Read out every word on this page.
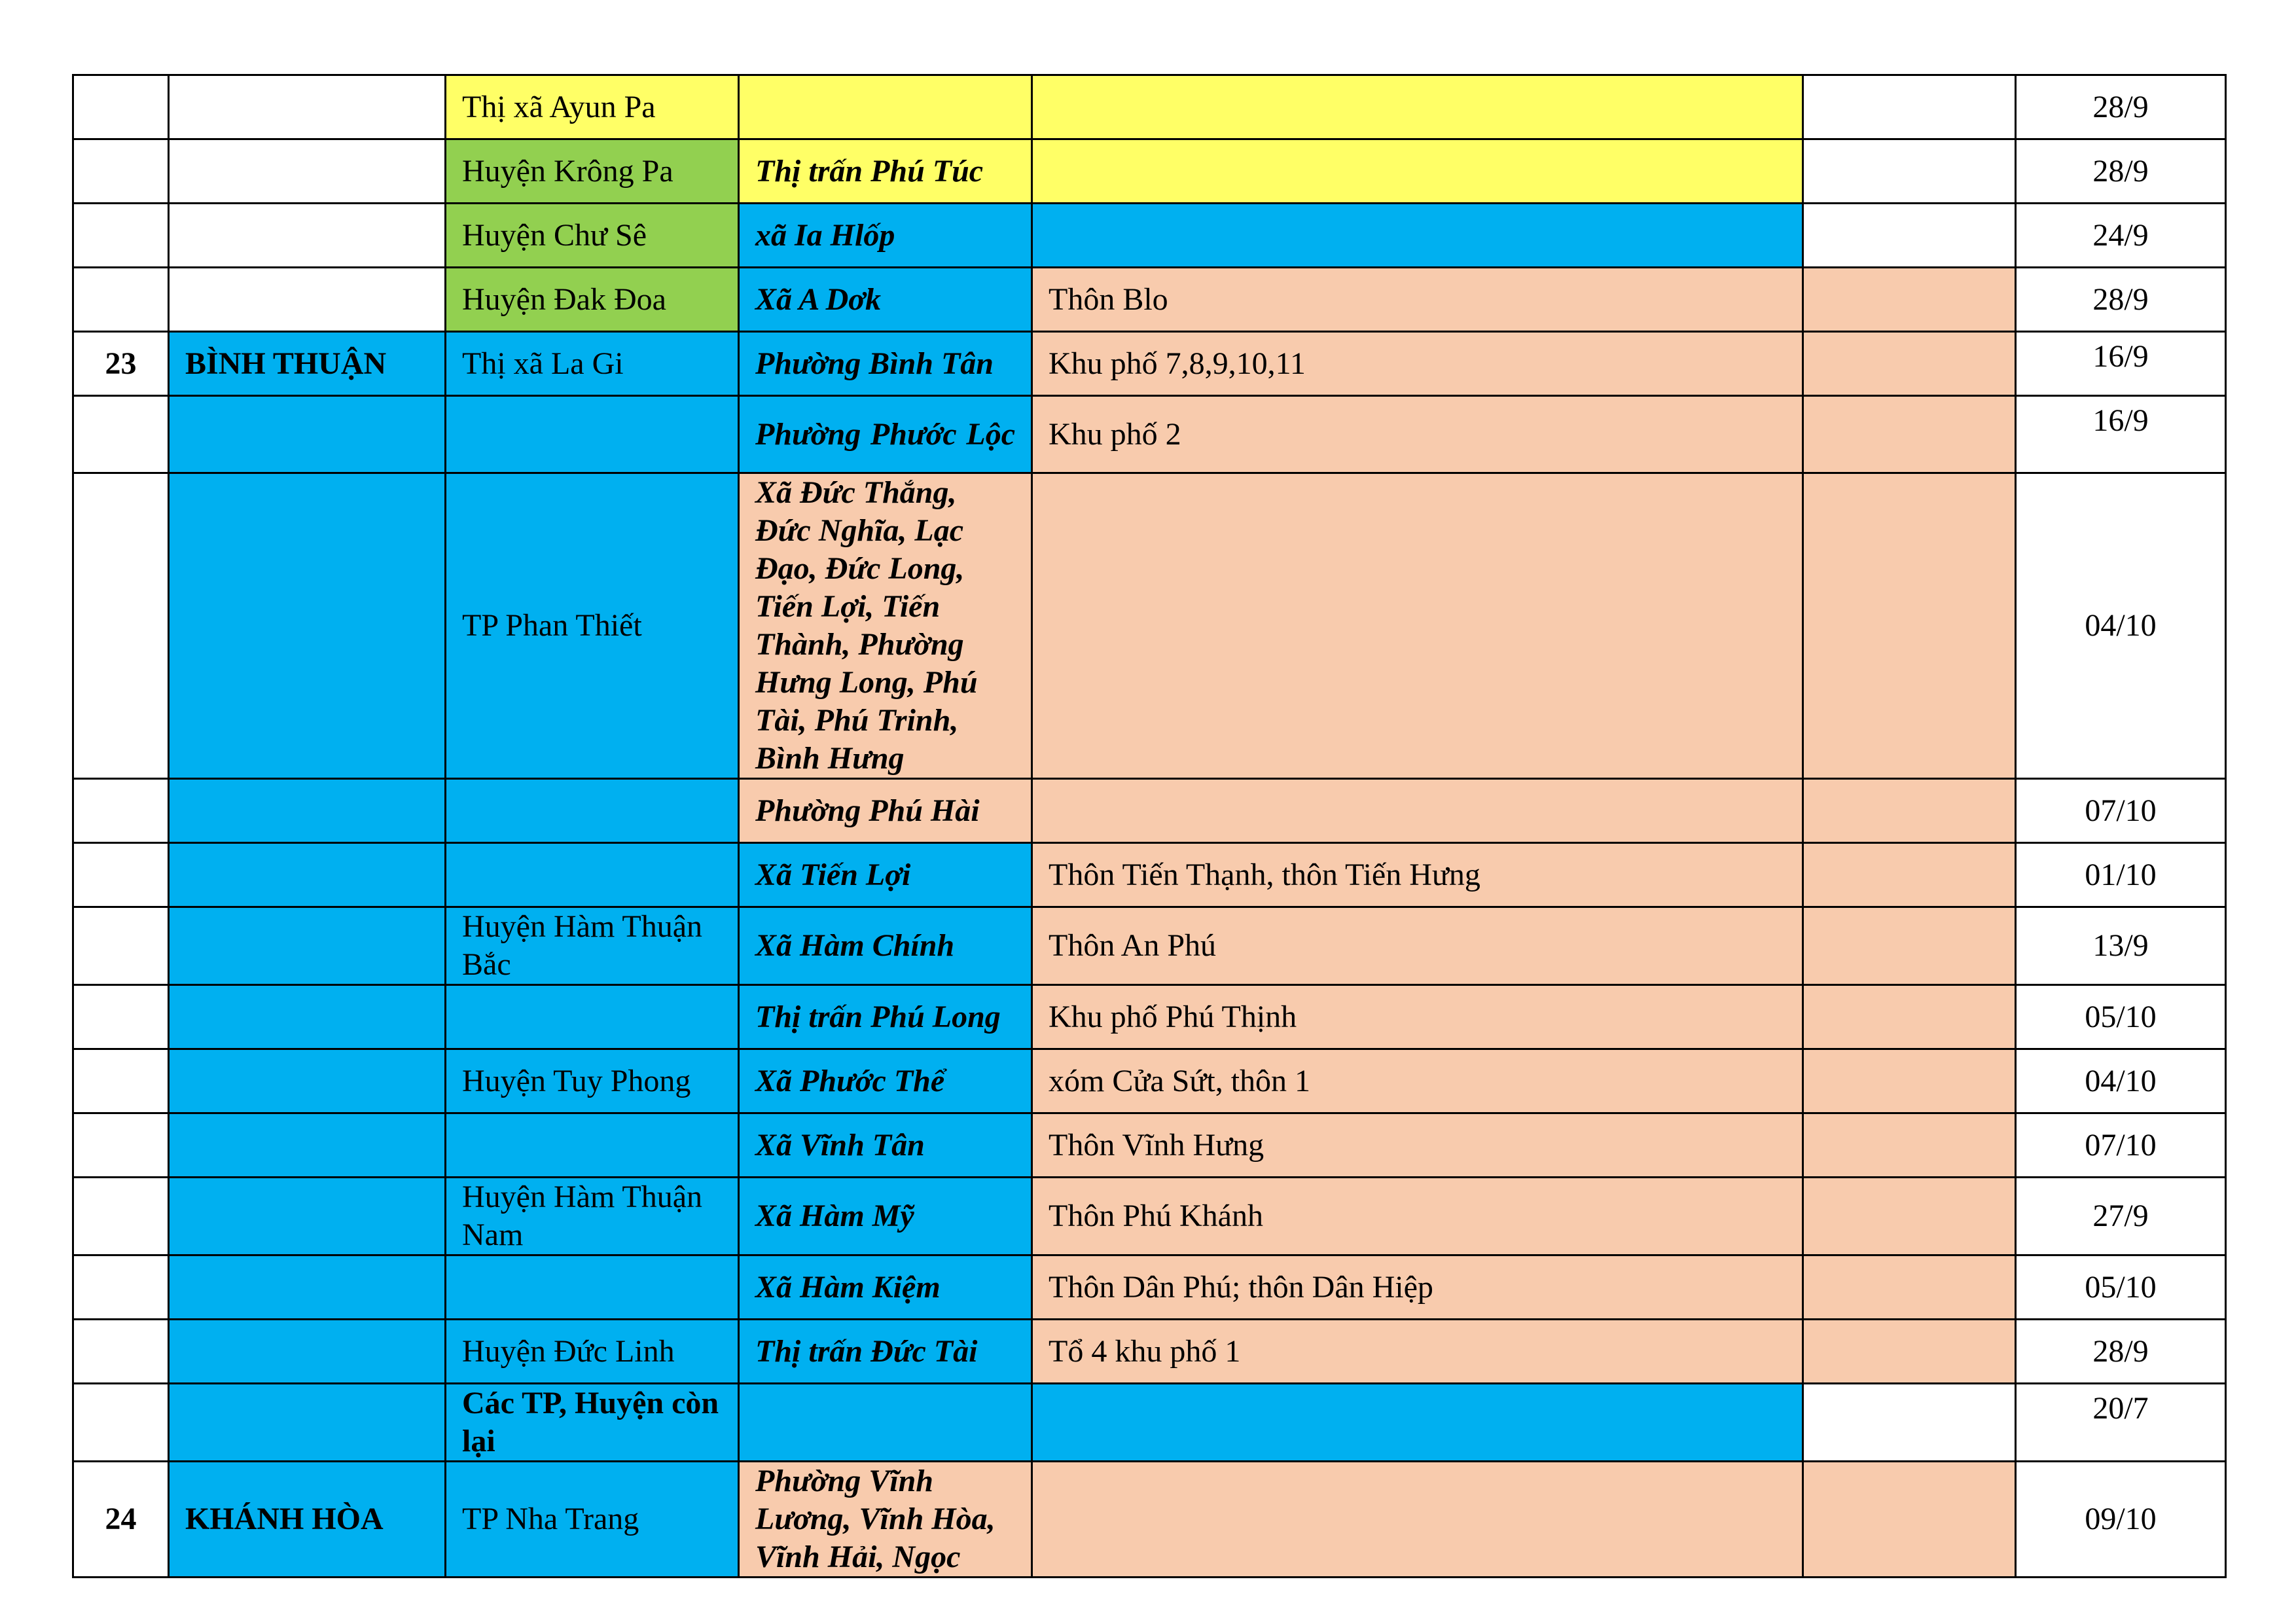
		Thị xã Ayun Pa				28/9
		Huyện Krông Pa	Thị trấn Phú Túc			28/9
		Huyện Chư Sê	xã Ia Hlốp			24/9
		Huyện Đak Đoa	Xã A Dơk	Thôn Blo		28/9
23	BÌNH THUẬN	Thị xã La Gi	Phường Bình Tân	Khu phố 7,8,9,10,11		16/9
			Phường Phước Lộc	Khu phố 2		16/9
		TP Phan Thiết	Xã Đức Thắng, Đức Nghĩa, Lạc Đạo, Đức Long, Tiến Lợi, Tiến Thành, Phường Hưng Long, Phú Tài, Phú Trinh, Bình Hưng			04/10
			Phường Phú Hài			07/10
			Xã Tiến Lợi	Thôn Tiến Thạnh, thôn Tiến Hưng		01/10
		Huyện Hàm Thuận Bắc	Xã Hàm Chính	Thôn An Phú		13/9
			Thị trấn Phú Long	Khu phố Phú Thịnh		05/10
		Huyện Tuy Phong	Xã Phước Thể	xóm Cửa Sứt, thôn 1		04/10
			Xã Vĩnh Tân	Thôn Vĩnh Hưng		07/10
		Huyện Hàm Thuận Nam	Xã Hàm Mỹ	Thôn Phú Khánh		27/9
			Xã Hàm Kiệm	Thôn Dân Phú; thôn Dân Hiệp		05/10
		Huyện Đức Linh	Thị trấn Đức Tài	Tổ 4 khu phố 1		28/9
		Các TP, Huyện còn lại				20/7
24	KHÁNH HÒA	TP Nha Trang	Phường Vĩnh Lương, Vĩnh Hòa, Vĩnh Hải, Ngọc			09/10
